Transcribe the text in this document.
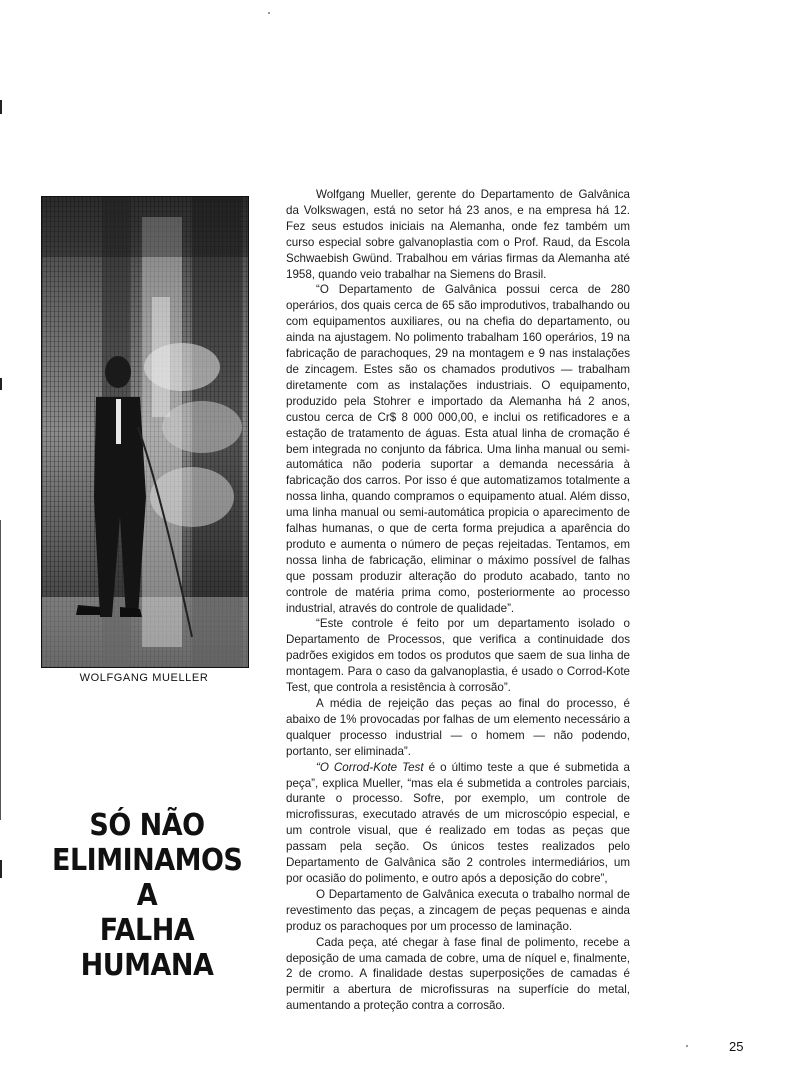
WOLFGANG MUELLER
SÓ NÃO
ELIMINAMOS
A
FALHA
HUMANA

Wolfgang Mueller, gerente do Departamento de Galvânica da Volkswagen, está no setor há 23 anos, e na empresa há 12. Fez seus estudos iniciais na Alemanha, onde fez também um curso especial sobre galvanoplastia com o Prof. Raud, da Escola Schwaebish Gwünd. Trabalhou em várias firmas da Alemanha até 1958, quando veio trabalhar na Siemens do Brasil.

“O Departamento de Galvânica possui cerca de 280 operários, dos quais cerca de 65 são improdutivos, trabalhando ou com equipamentos auxiliares, ou na chefia do departamento, ou ainda na ajustagem. No polimento trabalham 160 operários, 19 na fabricação de parachoques, 29 na montagem e 9 nas instalações de zincagem. Estes são os chamados produtivos — trabalham diretamente com as instalações industriais. O equipamento, produzido pela Stohrer e importado da Alemanha há 2 anos, custou cerca de Cr$ 8 000 000,00, e inclui os retificadores e a estação de tratamento de águas. Esta atual linha de cromação é bem integrada no conjunto da fábrica. Uma linha manual ou semi-automática não poderia suportar a demanda necessária à fabricação dos carros. Por isso é que automatizamos totalmente a nossa linha, quando compramos o equipamento atual. Além disso, uma linha manual ou semi-automática propicia o aparecimento de falhas humanas, o que de certa forma prejudica a aparência do produto e aumenta o número de peças rejeitadas. Tentamos, em nossa linha de fabricação, eliminar o máximo possível de falhas que possam produzir alteração do produto acabado, tanto no controle de matéria prima como, posteriormente ao processo industrial, através do controle de qualidade”.

“Este controle é feito por um departamento isolado o Departamento de Processos, que verifica a continuidade dos padrões exigidos em todos os produtos que saem de sua linha de montagem. Para o caso da galvanoplastia, é usado o Corrod-Kote Test, que controla a resistência à corrosão”.

A média de rejeição das peças ao final do processo, é abaixo de 1% provocadas por falhas de um elemento necessário a qualquer processo industrial — o homem — não podendo, portanto, ser eliminada”.

“O Corrod-Kote Test é o último teste a que é submetida a peça”, explica Mueller, “mas ela é submetida a controles parciais, durante o processo. Sofre, por exemplo, um controle de microfissuras, executado através de um microscópio especial, e um controle visual, que é realizado em todas as peças que passam pela seção. Os únicos testes realizados pelo Departamento de Galvânica são 2 controles intermediários, um por ocasião do polimento, e outro após a deposição do cobre”,

O Departamento de Galvânica executa o trabalho normal de revestimento das peças, a zincagem de peças pequenas e ainda produz os parachoques por um processo de laminação.

Cada peça, até chegar à fase final de polimento, recebe a deposição de uma camada de cobre, uma de níquel e, finalmente, 2 de cromo. A finalidade destas superposições de camadas é permitir a abertura de microfissuras na superfície do metal, aumentando a proteção contra a corrosão.

25
